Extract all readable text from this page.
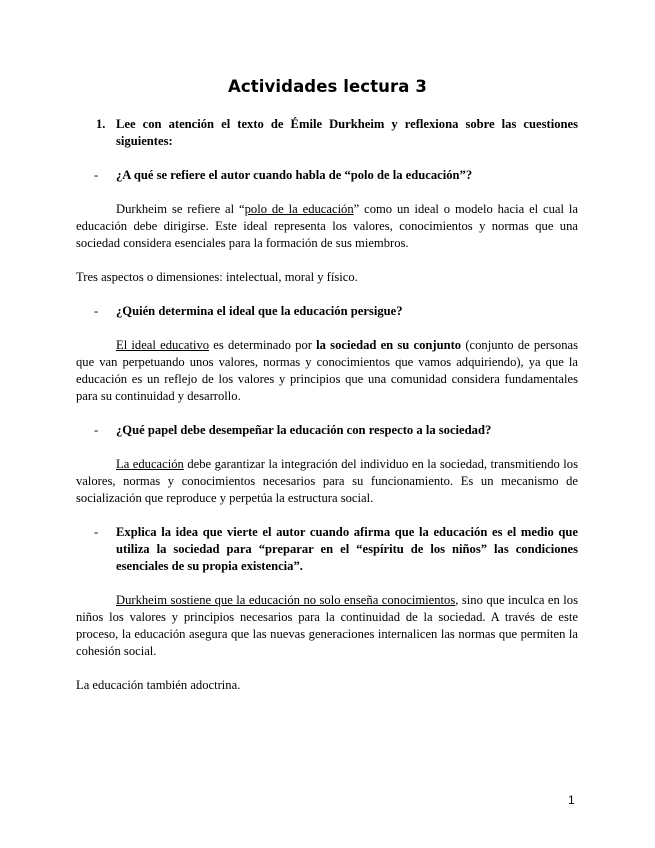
Actividades lectura 3
1. Lee con atención el texto de Émile Durkheim y reflexiona sobre las cuestiones siguientes:
- ¿A qué se refiere el autor cuando habla de “polo de la educación”?
Durkheim se refiere al “polo de la educación” como un ideal o modelo hacia el cual la educación debe dirigirse. Este ideal representa los valores, conocimientos y normas que una sociedad considera esenciales para la formación de sus miembros.
Tres aspectos o dimensiones: intelectual, moral y físico.
- ¿Quién determina el ideal que la educación persigue?
El ideal educativo es determinado por la sociedad en su conjunto (conjunto de personas que van perpetuando unos valores, normas y conocimientos que vamos adquiriendo), ya que la educación es un reflejo de los valores y principios que una comunidad considera fundamentales para su continuidad y desarrollo.
- ¿Qué papel debe desempeñar la educación con respecto a la sociedad?
La educación debe garantizar la integración del individuo en la sociedad, transmitiendo los valores, normas y conocimientos necesarios para su funcionamiento. Es un mecanismo de socialización que reproduce y perpetúa la estructura social.
- Explica la idea que vierte el autor cuando afirma que la educación es el medio que utiliza la sociedad para “preparar en el “espíritu de los niños” las condiciones esenciales de su propia existencia”.
Durkheim sostiene que la educación no solo enseña conocimientos, sino que inculca en los niños los valores y principios necesarios para la continuidad de la sociedad. A través de este proceso, la educación asegura que las nuevas generaciones internalicen las normas que permiten la cohesión social.
La educación también adoctrina.
1
